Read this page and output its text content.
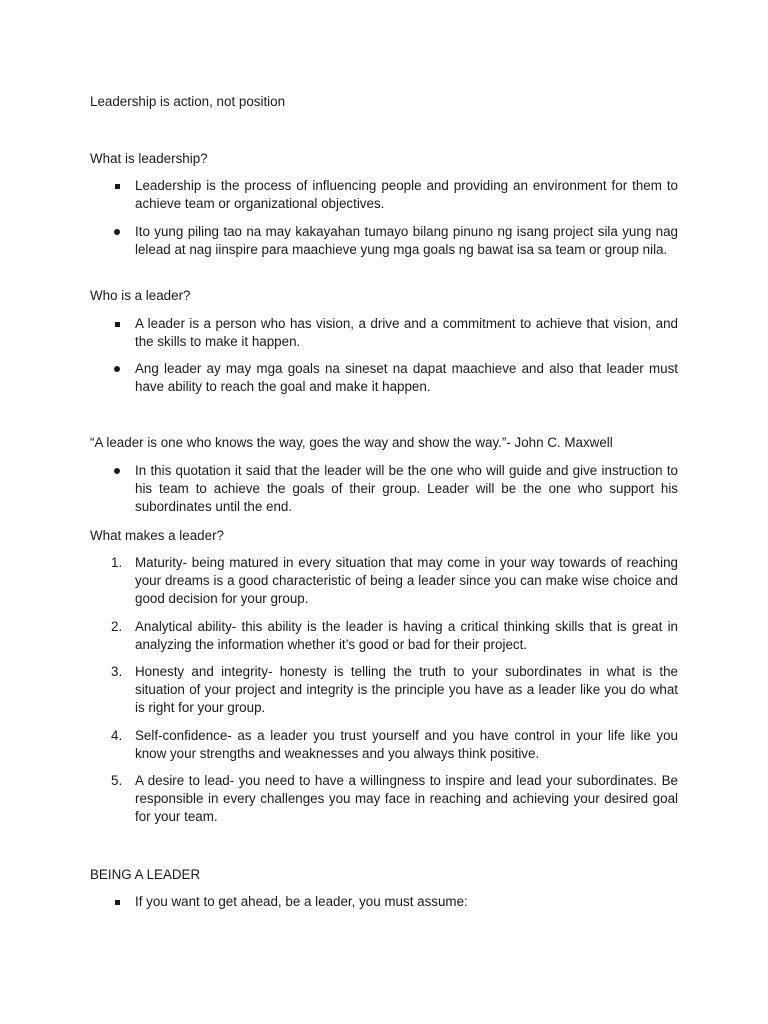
Leadership is action, not position
What is leadership?
Leadership is the process of influencing people and providing an environment for them to achieve team or organizational objectives.
Ito yung piling tao na may kakayahan tumayo bilang pinuno ng isang project sila yung nag lelead at nag iinspire para maachieve yung mga goals ng bawat isa sa team or group nila.
Who is a leader?
A leader is a person who has vision, a drive and a commitment to achieve that vision, and the skills to make it happen.
Ang leader ay may mga goals na sineset na dapat maachieve and also that leader must have ability to reach the goal and make it happen.
“A leader is one who knows the way, goes the way and show the way.”- John C. Maxwell
In this quotation it said that the leader will be the one who will guide and give instruction to his team to achieve the goals of their group. Leader will be the one who support his subordinates until the end.
What makes a leader?
1. Maturity- being matured in every situation that may come in your way towards of reaching your dreams is a good characteristic of being a leader since you can make wise choice and good decision for your group.
2. Analytical ability- this ability is the leader is having a critical thinking skills that is great in analyzing the information whether it’s good or bad for their project.
3. Honesty and integrity- honesty is telling the truth to your subordinates in what is the situation of your project and integrity is the principle you have as a leader like you do what is right for your group.
4. Self-confidence- as a leader you trust yourself and you have control in your life like you know your strengths and weaknesses and you always think positive.
5. A desire to lead- you need to have a willingness to inspire and lead your subordinates. Be responsible in every challenges you may face in reaching and achieving your desired goal for your team.
BEING A LEADER
If you want to get ahead, be a leader, you must assume:
